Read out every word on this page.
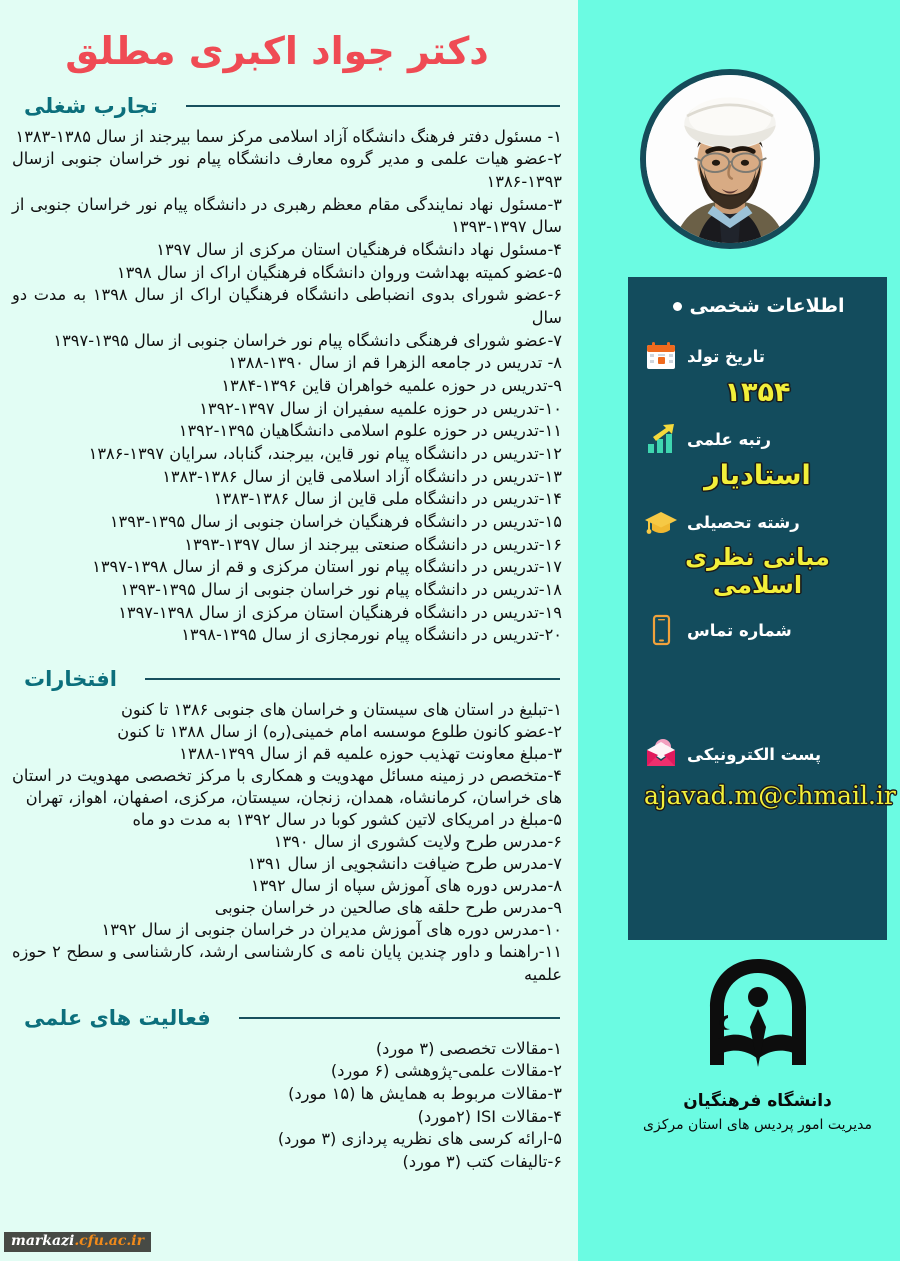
دکتر جواد اکبری مطلق
تجارب شغلی
۱- مسئول دفتر فرهنگ دانشگاه آزاد اسلامی مرکز سما بیرجند از سال ۱۳۸۵-۱۳۸۳
۲-عضو هیات علمی و مدیر گروه معارف دانشگاه پیام نور خراسان جنوبی ازسال ۱۳۹۳-۱۳۸۶
۳-مسئول نهاد نمایندگی مقام معظم رهبری در دانشگاه پیام نور خراسان جنوبی از سال ۱۳۹۷-۱۳۹۳
۴-مسئول نهاد دانشگاه فرهنگیان استان مرکزی از سال ۱۳۹۷
۵-عضو کمیته بهداشت وروان دانشگاه فرهنگیان اراک از سال ۱۳۹۸
۶-عضو شورای بدوی انضباطی دانشگاه فرهنگیان اراک از سال ۱۳۹۸ به مدت دو سال
۷-عضو شورای فرهنگی دانشگاه پیام نور خراسان جنوبی از سال ۱۳۹۵-۱۳۹۷
۸- تدریس در جامعه الزهرا قم از سال ۱۳۹۰-۱۳۸۸
۹-تدریس در حوزه علمیه خواهران قاین ۱۳۹۶-۱۳۸۴
۱۰-تدریس در حوزه علمیه سفیران از سال ۱۳۹۷-۱۳۹۲
۱۱-تدریس در حوزه علوم اسلامی دانشگاهیان ۱۳۹۵-۱۳۹۲
۱۲-تدریس در دانشگاه پیام نور قاین، بیرجند، گناباد، سرایان ۱۳۹۷-۱۳۸۶
۱۳-تدریس در دانشگاه آزاد اسلامی قاین از سال ۱۳۸۶-۱۳۸۳
۱۴-تدریس در دانشگاه ملی قاین از سال ۱۳۸۶-۱۳۸۳
۱۵-تدریس در دانشگاه فرهنگیان خراسان جنوبی از سال ۱۳۹۵-۱۳۹۳
۱۶-تدریس در دانشگاه صنعتی بیرجند از سال ۱۳۹۷-۱۳۹۳
۱۷-تدریس در دانشگاه پیام نور استان مرکزی و قم از سال ۱۳۹۸-۱۳۹۷
۱۸-تدریس در دانشگاه پیام نور خراسان جنوبی از سال ۱۳۹۵-۱۳۹۳
۱۹-تدریس در دانشگاه فرهنگیان استان مرکزی از سال ۱۳۹۸-۱۳۹۷
۲۰-تدریس در دانشگاه پیام نورمجازی از سال ۱۳۹۵-۱۳۹۸
افتخارات
۱-تبلیغ در استان های سیستان و خراسان های جنوبی ۱۳۸۶ تا کنون
۲-عضو کانون طلوع موسسه امام خمینی(ره) از سال ۱۳۸۸ تا کنون
۳-مبلغ معاونت تهذیب حوزه علمیه قم از سال ۱۳۹۹-۱۳۸۸
۴-متخصص در زمینه مسائل مهدویت و همکاری با مرکز تخصصی مهدویت در استان های خراسان، کرمانشاه، همدان، زنجان، سیستان، مرکزی، اصفهان، اهواز، تهران
۵-مبلغ در امریکای لاتین کشور کوبا در سال ۱۳۹۲ به مدت دو ماه
۶-مدرس طرح ولایت کشوری از سال ۱۳۹۰
۷-مدرس طرح ضیافت دانشجویی از سال ۱۳۹۱
۸-مدرس دوره های آموزش سپاه از سال ۱۳۹۲
۹-مدرس طرح حلقه های صالحین در خراسان جنوبی
۱۰-مدرس دوره های آموزش مدیران در خراسان جنوبی از سال ۱۳۹۲
۱۱-راهنما و داور چندین پایان نامه ی کارشناسی ارشد، کارشناسی و سطح ۲ حوزه علمیه
فعالیت های علمی
۱-مقالات تخصصی (۳ مورد)
۲-مقالات علمی-پژوهشی (۶ مورد)
۳-مقالات مربوط به همایش ها (۱۵ مورد)
۴-مقالات ISI (۲مورد)
۵-ارائه کرسی های نظریه پردازی (۳ مورد)
۶-تالیفات کتب (۳ مورد)
اطلاعات شخصی
تاریخ تولد
۱۳۵۴
رتبه علمی
استادیار
رشته تحصیلی
مبانی نظری اسلامی
شماره تماس
پست الکترونیکی
ajavad.m@chmail.ir
دانشگاه فرهنگیان
مدیریت امور پردیس های استان مرکزی
markazi.cfu.ac.ir
